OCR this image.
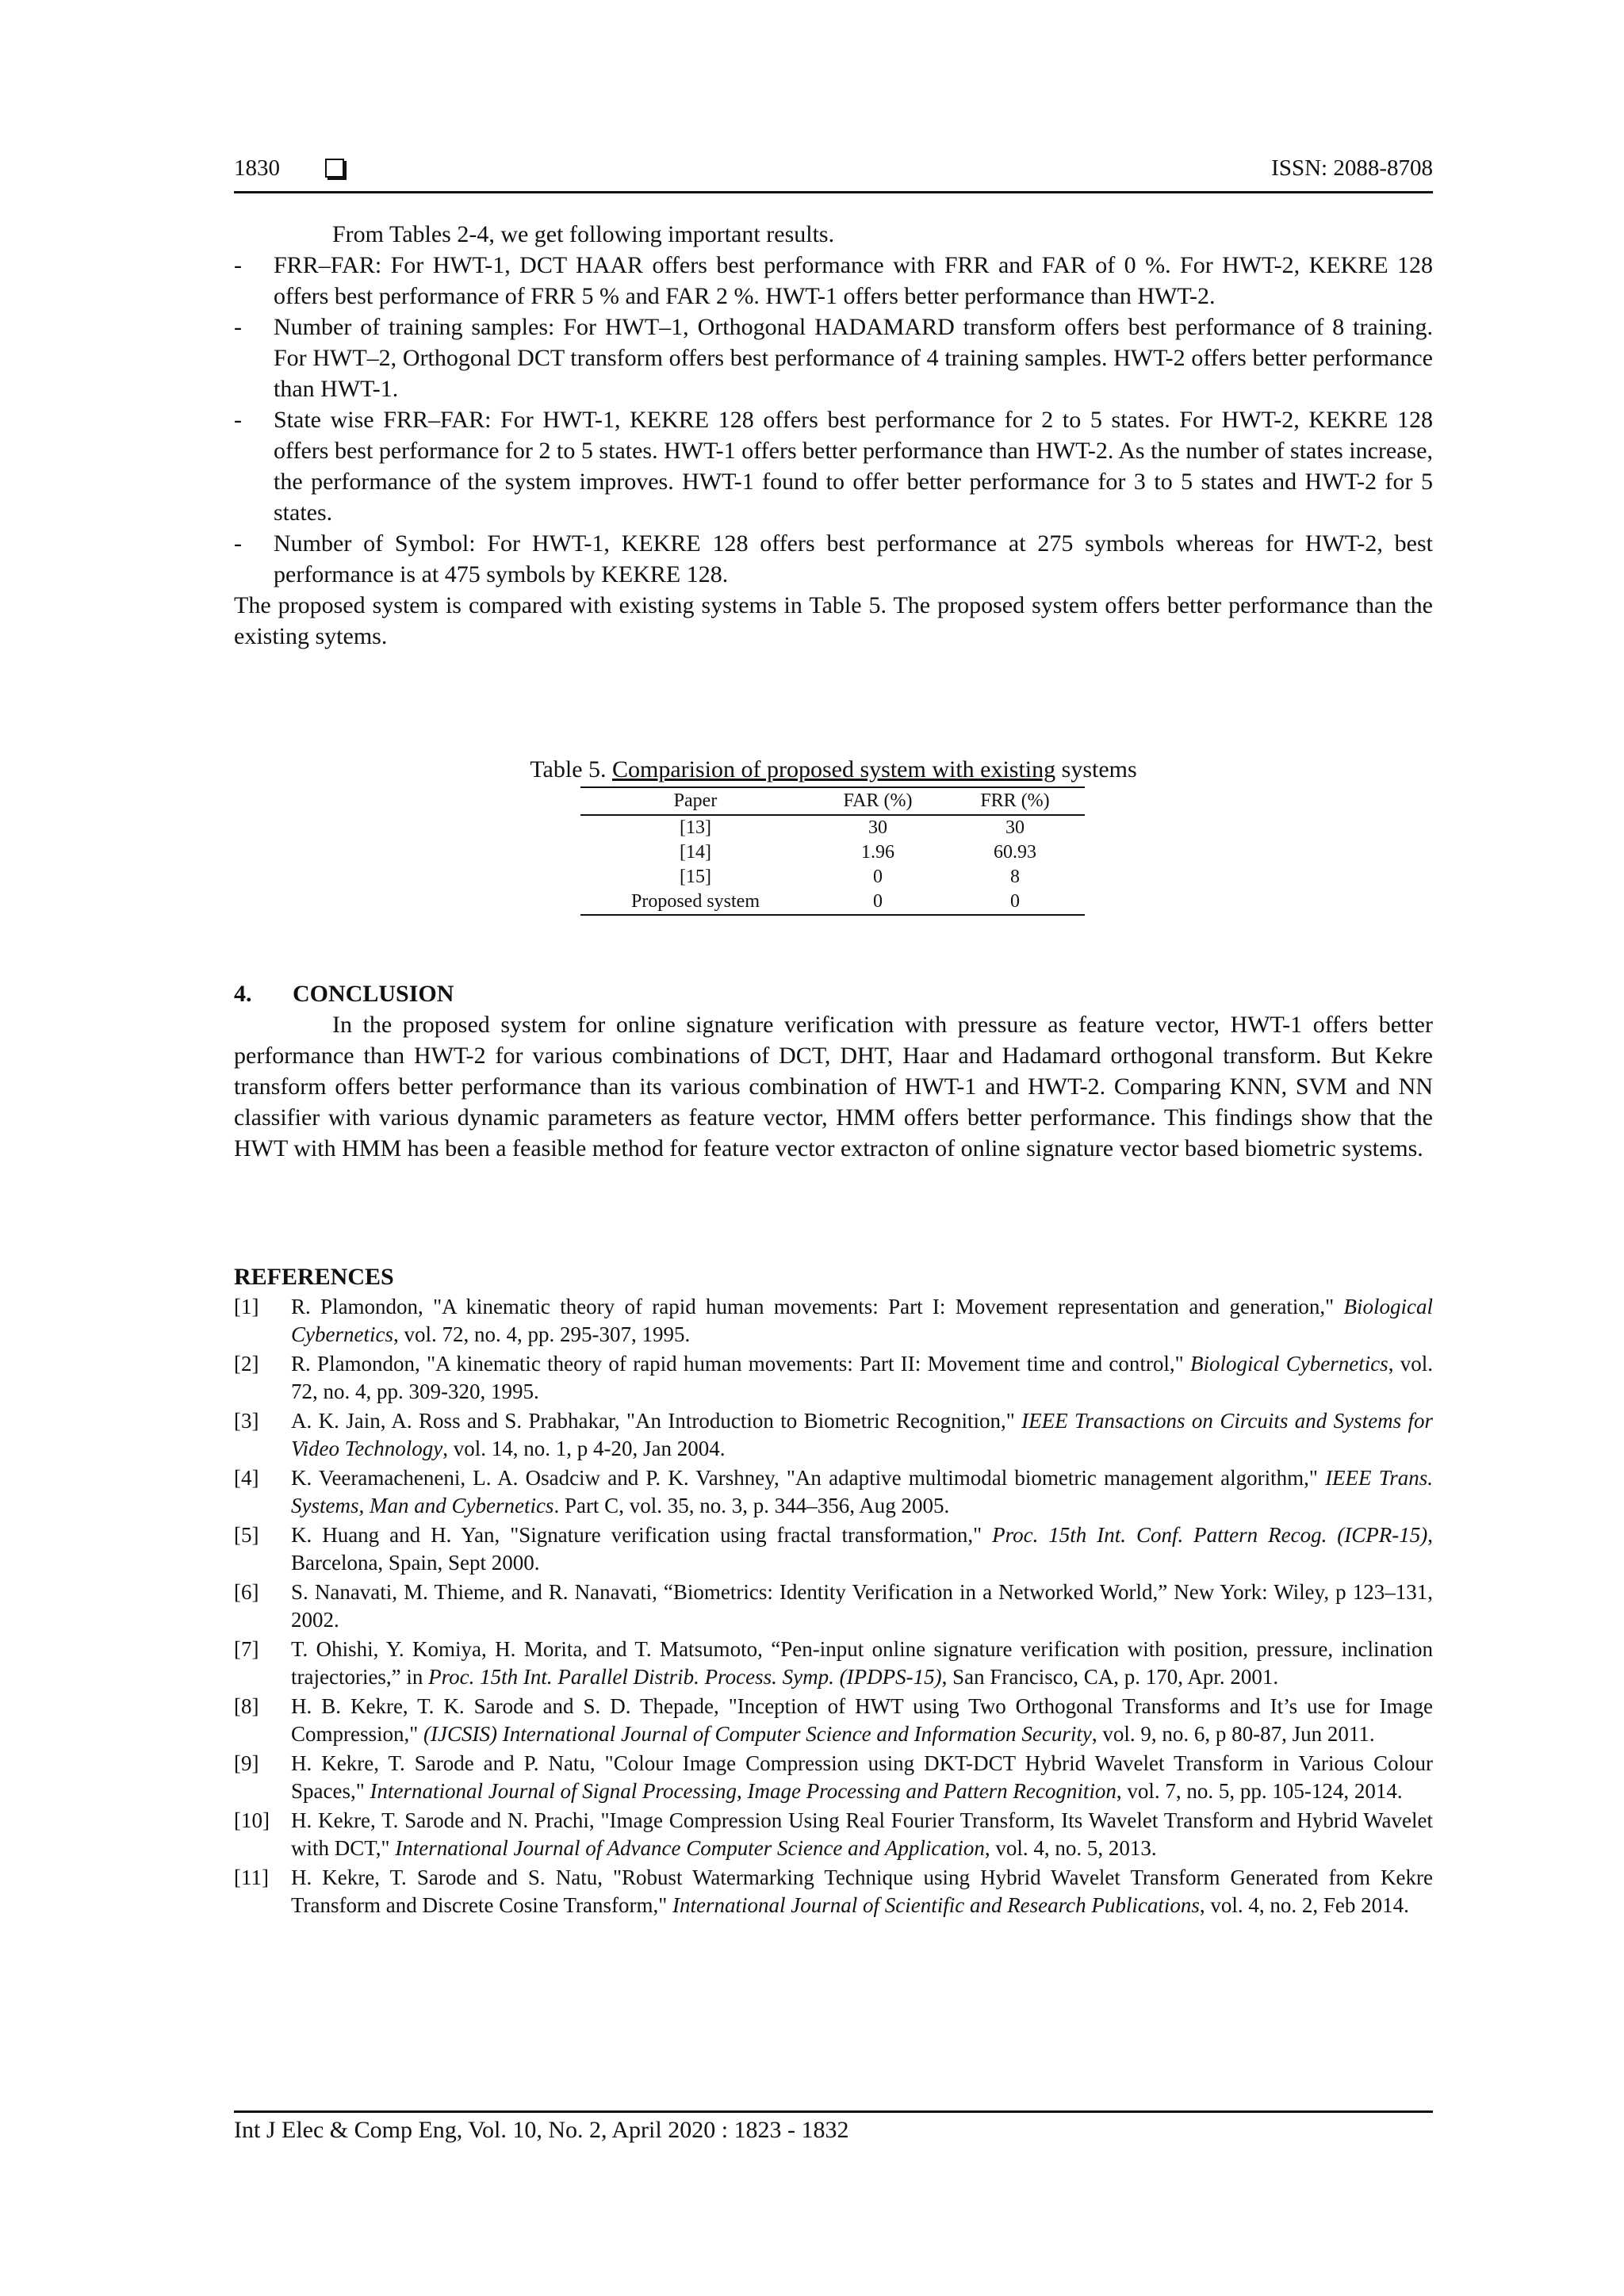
1830	ISSN: 2088-8708

From Tables 2-4, we get following important results.

- FRR–FAR: For HWT-1, DCT HAAR offers best performance with FRR and FAR of 0 %. For HWT-2, KEKRE 128 offers best performance of FRR 5 % and FAR 2 %. HWT-1 offers better performance than HWT-2.
- Number of training samples: For HWT–1, Orthogonal HADAMARD transform offers best performance of 8 training. For HWT–2, Orthogonal DCT transform offers best performance of 4 training samples. HWT-2 offers better performance than HWT-1.
- State wise FRR–FAR: For HWT-1, KEKRE 128 offers best performance for 2 to 5 states. For HWT-2, KEKRE 128 offers best performance for 2 to 5 states. HWT-1 offers better performance than HWT-2. As the number of states increase, the performance of the system improves. HWT-1 found to offer better performance for 3 to 5 states and HWT-2 for 5 states.
- Number of Symbol: For HWT-1, KEKRE 128 offers best performance at 275 symbols whereas for HWT-2, best performance is at 475 symbols by KEKRE 128.

The proposed system is compared with existing systems in Table 5. The proposed system offers better performance than the existing sytems.

Table 5. Comparision of proposed system with existing systems
Paper	FAR (%)	FRR (%)
[13]	30	30
[14]	1.96	60.93
[15]	0	8
Proposed system	0	0

4. CONCLUSION

In the proposed system for online signature verification with pressure as feature vector, HWT-1 offers better performance than HWT-2 for various combinations of DCT, DHT, Haar and Hadamard orthogonal transform. But Kekre transform offers better performance than its various combination of HWT-1 and HWT-2. Comparing KNN, SVM and NN classifier with various dynamic parameters as feature vector, HMM offers better performance. This findings show that the HWT with HMM has been a feasible method for feature vector extracton of online signature vector based biometric systems.

REFERENCES

[1] R. Plamondon, "A kinematic theory of rapid human movements: Part I: Movement representation and generation," Biological Cybernetics, vol. 72, no. 4, pp. 295-307, 1995.
[2] R. Plamondon, "A kinematic theory of rapid human movements: Part II: Movement time and control," Biological Cybernetics, vol. 72, no. 4, pp. 309-320, 1995.
[3] A. K. Jain, A. Ross and S. Prabhakar, "An Introduction to Biometric Recognition," IEEE Transactions on Circuits and Systems for Video Technology, vol. 14, no. 1, p 4-20, Jan 2004.
[4] K. Veeramacheneni, L. A. Osadciw and P. K. Varshney, "An adaptive multimodal biometric management algorithm," IEEE Trans. Systems, Man and Cybernetics. Part C, vol. 35, no. 3, p. 344–356, Aug 2005.
[5] K. Huang and H. Yan, "Signature verification using fractal transformation," Proc. 15th Int. Conf. Pattern Recog. (ICPR-15), Barcelona, Spain, Sept 2000.
[6] S. Nanavati, M. Thieme, and R. Nanavati, “Biometrics: Identity Verification in a Networked World,” New York: Wiley, p 123–131, 2002.
[7] T. Ohishi, Y. Komiya, H. Morita, and T. Matsumoto, “Pen-input online signature verification with position, pressure, inclination trajectories,” in Proc. 15th Int. Parallel Distrib. Process. Symp. (IPDPS-15), San Francisco, CA, p. 170, Apr. 2001.
[8] H. B. Kekre, T. K. Sarode and S. D. Thepade, "Inception of HWT using Two Orthogonal Transforms and It’s use for Image Compression," (IJCSIS) International Journal of Computer Science and Information Security, vol. 9, no. 6, p 80-87, Jun 2011.
[9] H. Kekre, T. Sarode and P. Natu, "Colour Image Compression using DKT-DCT Hybrid Wavelet Transform in Various Colour Spaces," International Journal of Signal Processing, Image Processing and Pattern Recognition, vol. 7, no. 5, pp. 105-124, 2014.
[10] H. Kekre, T. Sarode and N. Prachi, "Image Compression Using Real Fourier Transform, Its Wavelet Transform and Hybrid Wavelet with DCT," International Journal of Advance Computer Science and Application, vol. 4, no. 5, 2013.
[11] H. Kekre, T. Sarode and S. Natu, "Robust Watermarking Technique using Hybrid Wavelet Transform Generated from Kekre Transform and Discrete Cosine Transform," International Journal of Scientific and Research Publications, vol. 4, no. 2, Feb 2014.
Int J Elec & Comp Eng, Vol. 10, No. 2, April 2020 : 1823 - 1832
